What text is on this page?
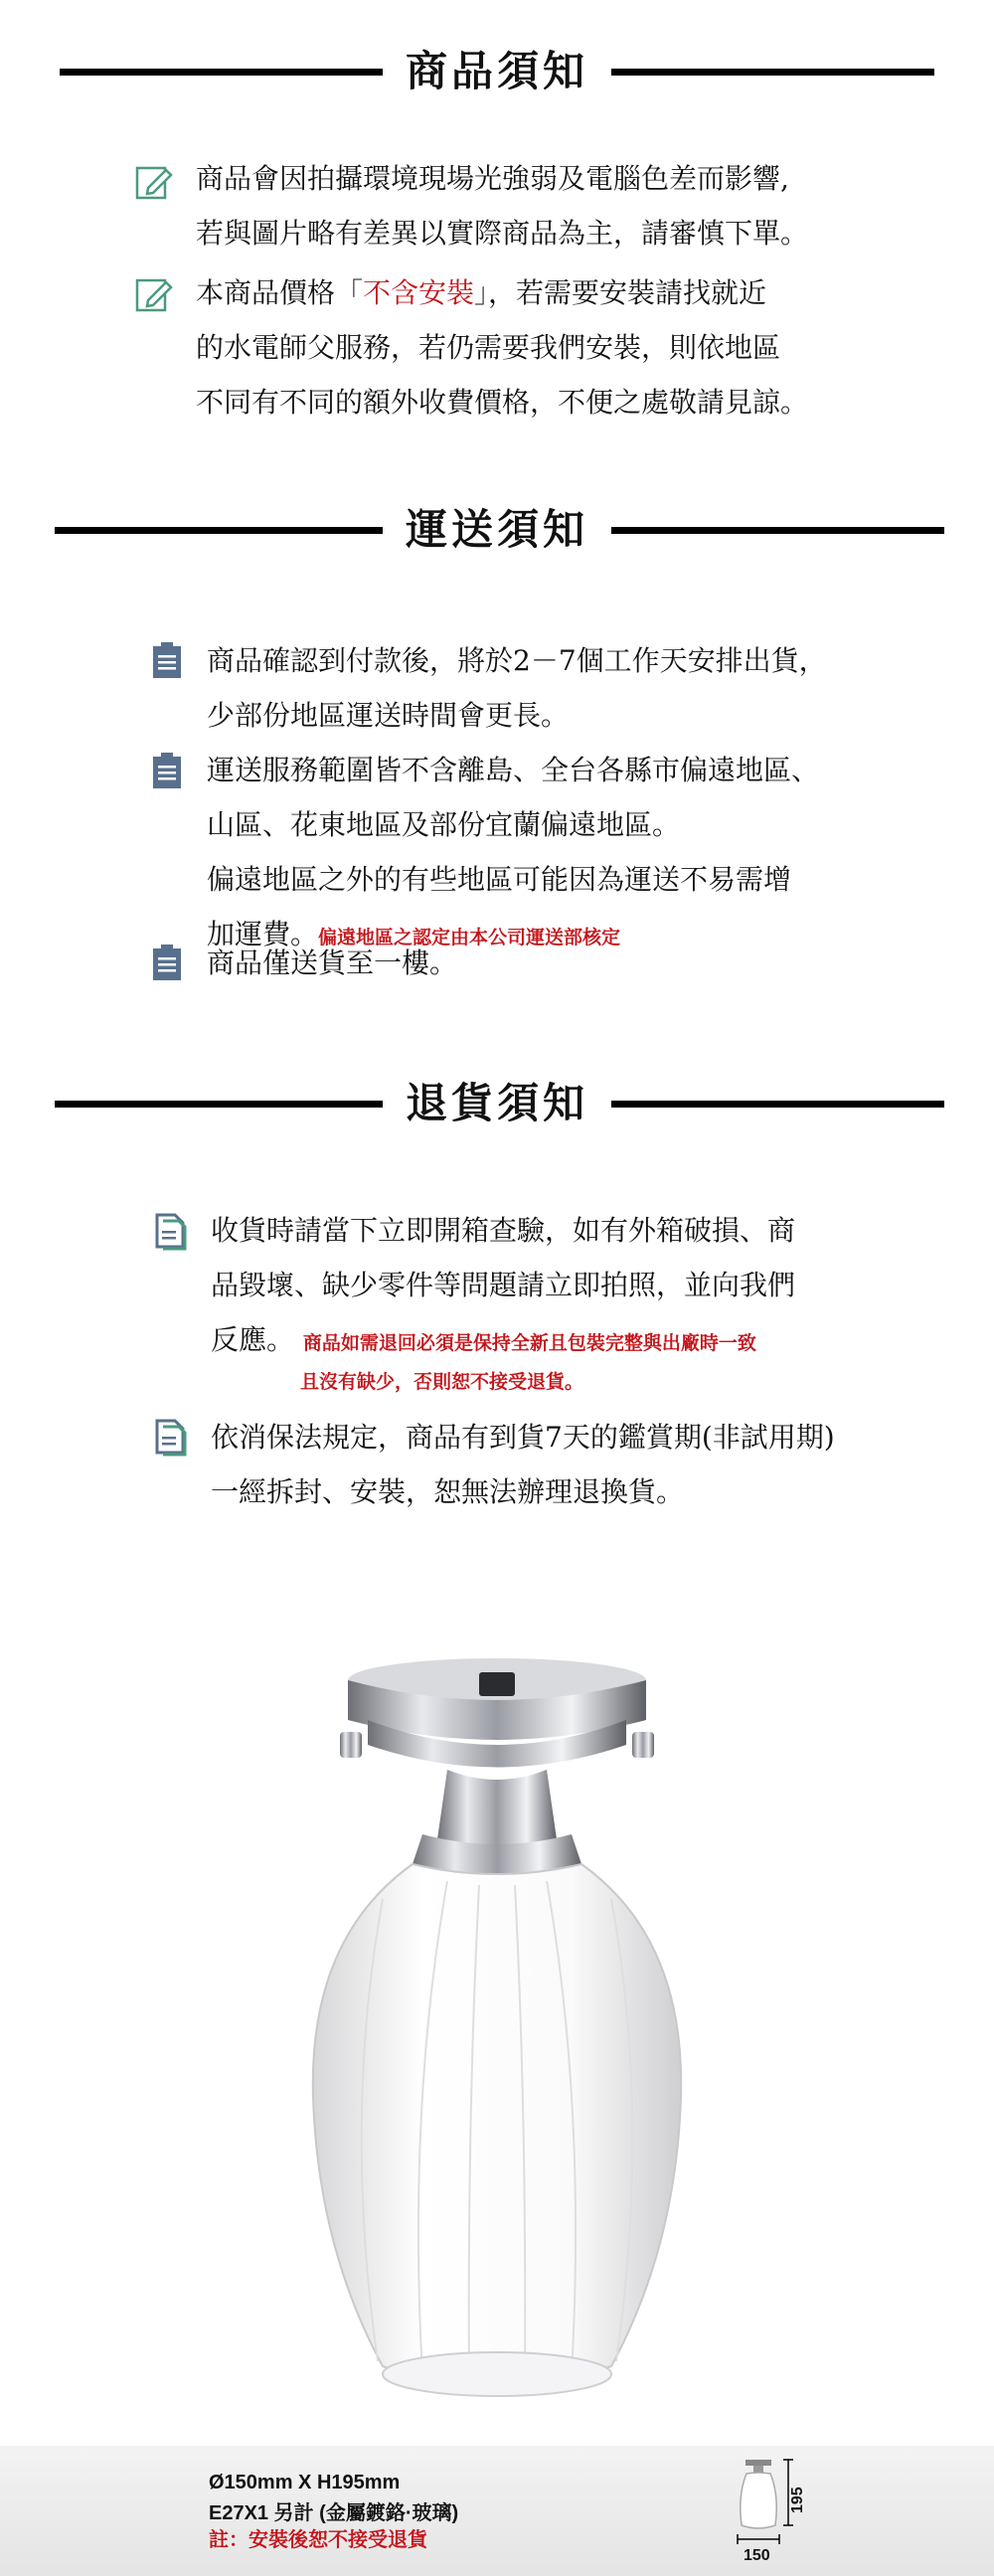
商品須知
商品會因拍攝環境現場光強弱及電腦色差而影響,
若與圖片略有差異以實際商品為主，請審慎下單。
本商品價格「不含安裝」，若需要安裝請找就近
的水電師父服務，若仍需要我們安裝，則依地區
不同有不同的額外收費價格，不便之處敬請見諒。
運送須知
商品確認到付款後，將於2－7個工作天安排出貨，
少部份地區運送時間會更長。
運送服務範圍皆不含離島、全台各縣市偏遠地區、
山區、花東地區及部份宜蘭偏遠地區。
偏遠地區之外的有些地區可能因為運送不易需增
加運費。偏遠地區之認定由本公司運送部核定
商品僅送貨至一樓。
退貨須知
收貨時請當下立即開箱查驗，如有外箱破損、商
品毀壞、缺少零件等問題請立即拍照，並向我們
反應。 商品如需退回必須是保持全新且包裝完整與出廠時一致
且沒有缺少，否則恕不接受退貨。
依消保法規定，商品有到貨7天的鑑賞期(非試用期)
一經拆封、安裝，恕無法辦理退換貨。
Ø150mm X H195mm
E27X1 另計 (金屬鍍鉻·玻璃)
註：安裝後恕不接受退貨
195
150
